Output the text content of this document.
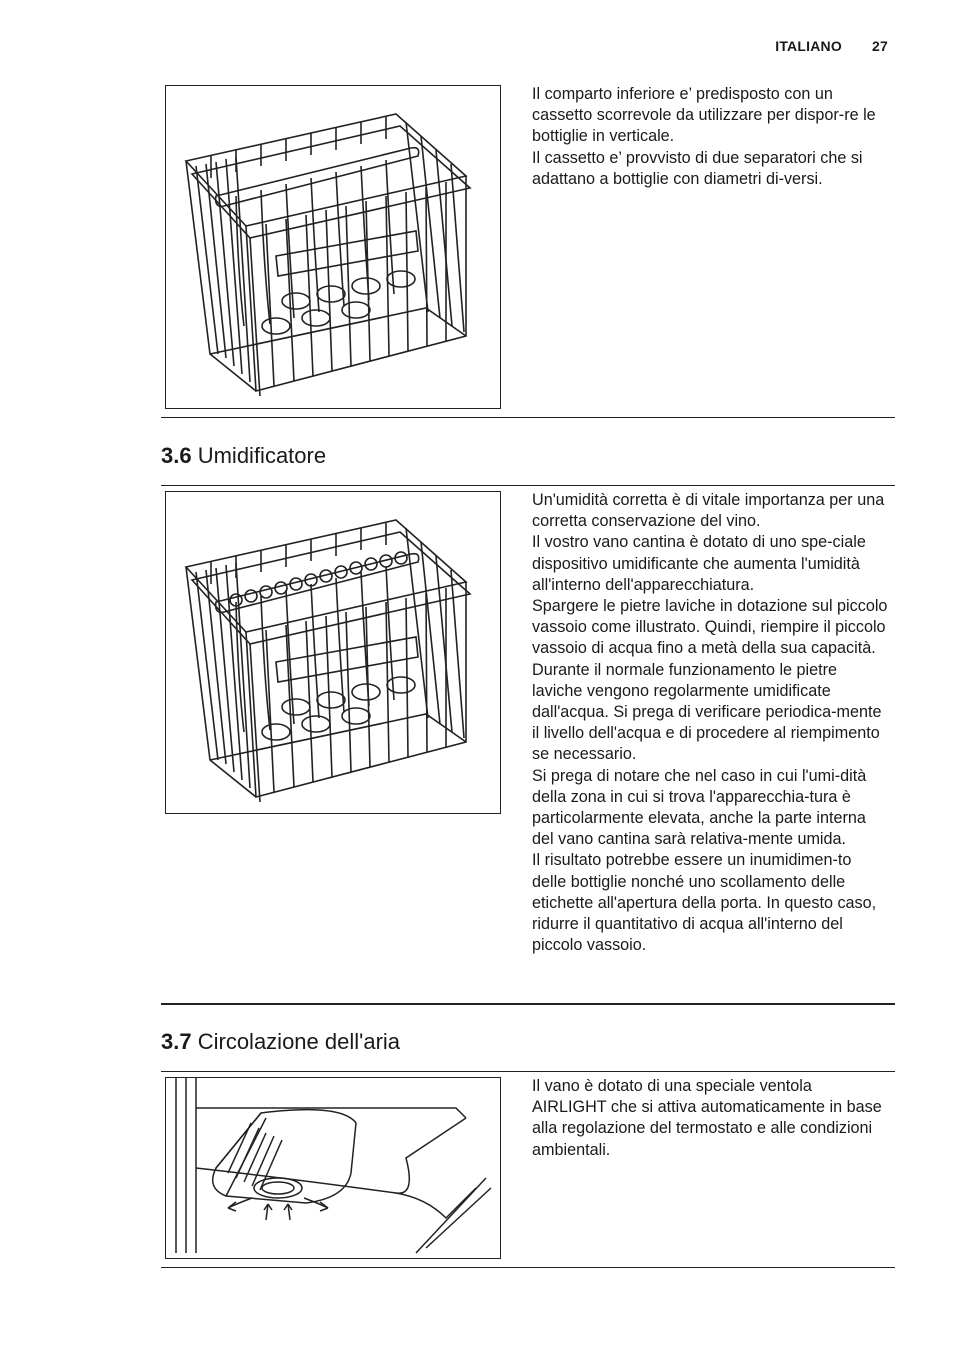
ITALIANO 27

Il comparto inferiore e’ predisposto con un cassetto scorrevole da utilizzare per dispor-re le bottiglie in verticale.

Il cassetto e’ provvisto di due separatori che si adattano a bottiglie con diametri di-versi.

3.6 Umidificatore

Un'umidità corretta è di vitale importanza per una corretta conservazione del vino.

Il vostro vano cantina è dotato di uno spe-ciale dispositivo umidificante che aumenta l'umidità all'interno dell'apparecchiatura.

Spargere le pietre laviche in dotazione sul piccolo vassoio come illustrato. Quindi, riempire il piccolo vassoio di acqua fino a metà della sua capacità.

Durante il normale funzionamento le pietre laviche vengono regolarmente umidificate dall'acqua. Si prega di verificare periodica-mente il livello dell'acqua e di procedere al riempimento se necessario.

Si prega di notare che nel caso in cui l'umi-dità della zona in cui si trova l'apparecchia-tura è particolarmente elevata, anche la parte interna del vano cantina sarà relativa-mente umida.

Il risultato potrebbe essere un inumidimen-to delle bottiglie nonché uno scollamento delle etichette all'apertura della porta. In questo caso, ridurre il quantitativo di acqua all'interno del piccolo vassoio.

3.7 Circolazione dell'aria

Il vano è dotato di una speciale ventola AIRLIGHT che si attiva automaticamente in base alla regolazione del termostato e alle condizioni ambientali.
